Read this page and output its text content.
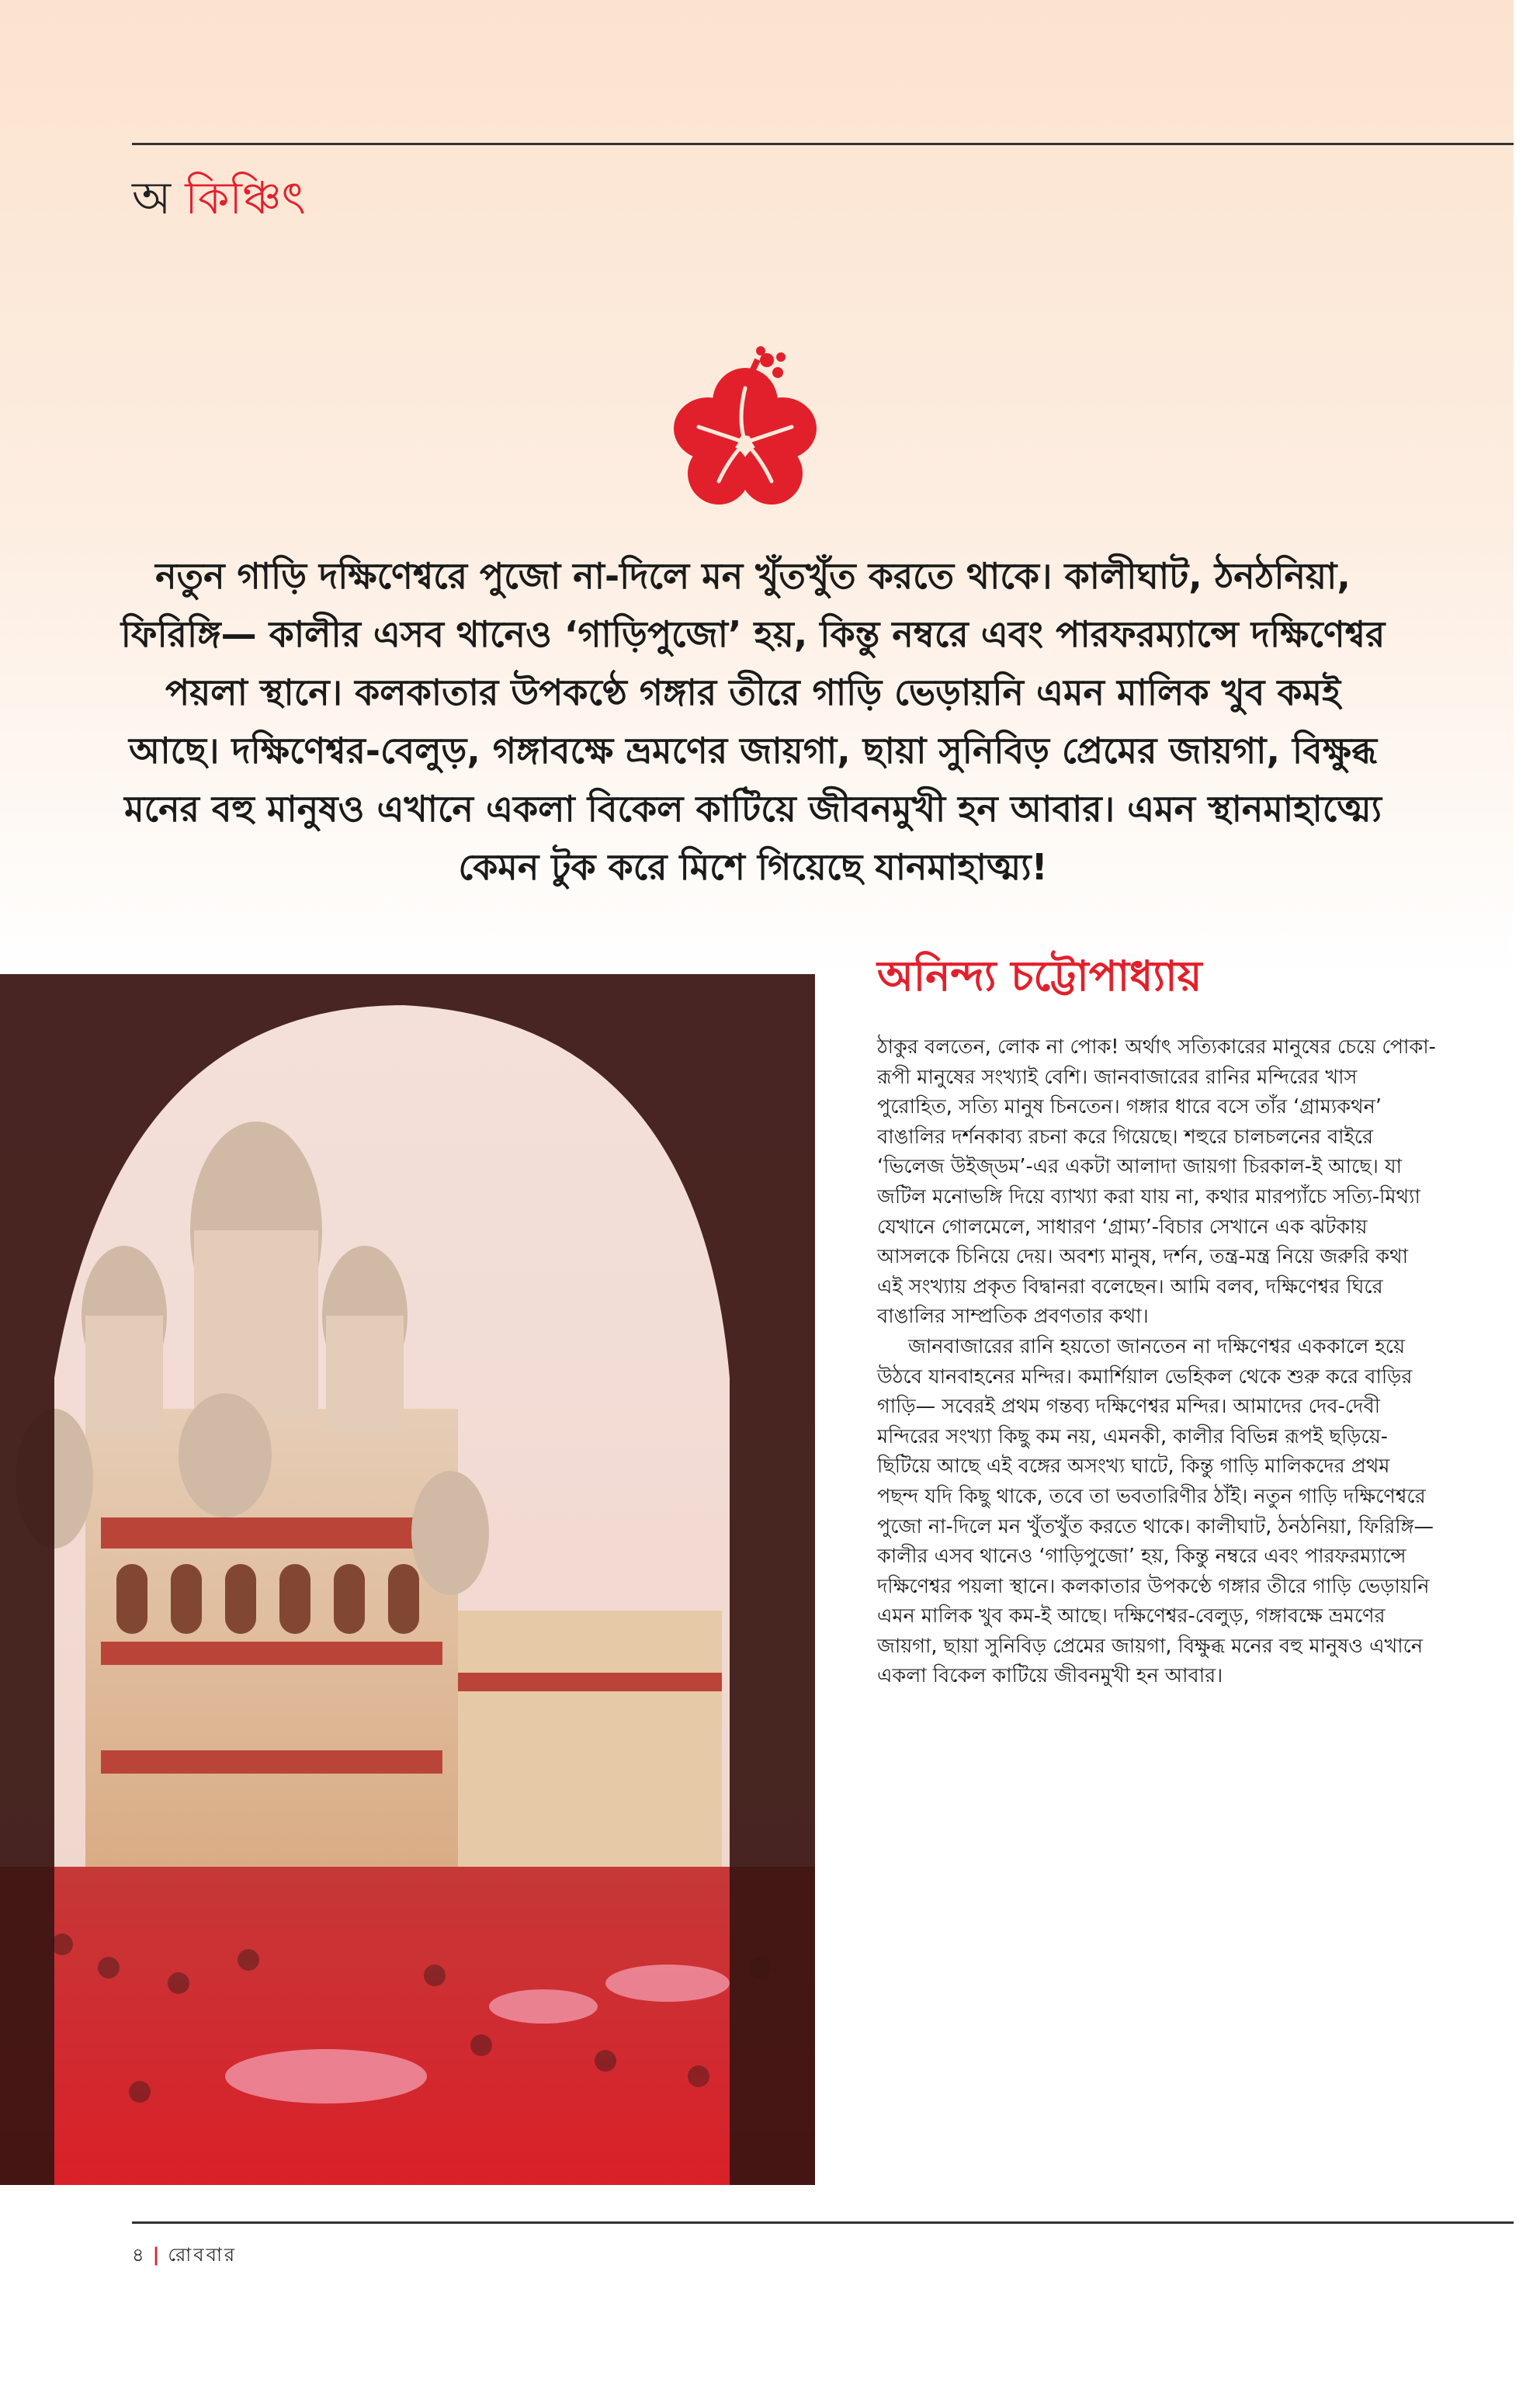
অ কিঞ্চিৎ
নতুন গাড়ি দক্ষিণেশ্বরে পুজো না-দিলে মন খুঁতখুঁত করতে থাকে। কালীঘাট, ঠনঠনিয়া, ফিরিঙ্গি— কালীর এসব থানেও ‘গাড়িপুজো’ হয়, কিন্তু নম্বরে এবং পারফরম্যান্সে দক্ষিণেশ্বর পয়লা স্থানে। কলকাতার উপকণ্ঠে গঙ্গার তীরে গাড়ি ভেড়ায়নি এমন মালিক খুব কমই আছে। দক্ষিণেশ্বর-বেলুড়, গঙ্গাবক্ষে ভ্রমণের জায়গা, ছায়া সুনিবিড় প্রেমের জায়গা, বিক্ষুব্ধ মনের বহু মানুষও এখানে একলা বিকেল কাটিয়ে জীবনমুখী হন আবার। এমন স্থানমাহাত্ম্যে কেমন টুক করে মিশে গিয়েছে যানমাহাত্ম্য!
অনিন্দ্য চট্টোপাধ্যায়

ঠাকুর বলতেন, লোক না পোক! অর্থাৎ সত্যিকারের মানুষের চেয়ে পোকা-রূপী মানুষের সংখ্যাই বেশি। জানবাজারের রানির মন্দিরের খাস পুরোহিত, সত্যি মানুষ চিনতেন। গঙ্গার ধারে বসে তাঁর ‘গ্রাম্যকথন’ বাঙালির দর্শনকাব্য রচনা করে গিয়েছে। শহুরে চালচলনের বাইরে ‘ভিলেজ উইজ্ডম’-এর একটা আলাদা জায়গা চিরকাল-ই আছে। যা জটিল মনোভঙ্গি দিয়ে ব্যাখ্যা করা যায় না, কথার মারপ্যাঁচে সত্যি-মিথ্যা যেখানে গোলমেলে, সাধারণ ‘গ্রাম্য’-বিচার সেখানে এক ঝটকায় আসলকে চিনিয়ে দেয়। অবশ্য মানুষ, দর্শন, তন্ত্র-মন্ত্র নিয়ে জরুরি কথা এই সংখ্যায় প্রকৃত বিদ্বানরা বলেছেন। আমি বলব, দক্ষিণেশ্বর ঘিরে বাঙালির সাম্প্রতিক প্রবণতার কথা।

জানবাজারের রানি হয়তো জানতেন না দক্ষিণেশ্বর এককালে হয়ে উঠবে যানবাহনের মন্দির। কমার্শিয়াল ভেহিকল থেকে শুরু করে বাড়ির গাড়ি— সবেরই প্রথম গন্তব্য দক্ষিণেশ্বর মন্দির। আমাদের দেব-দেবী মন্দিরের সংখ্যা কিছু কম নয়, এমনকী, কালীর বিভিন্ন রূপই ছড়িয়ে-ছিটিয়ে আছে এই বঙ্গের অসংখ্য ঘাটে, কিন্তু গাড়ি মালিকদের প্রথম পছন্দ যদি কিছু থাকে, তবে তা ভবতারিণীর ঠাঁই। নতুন গাড়ি দক্ষিণেশ্বরে পুজো না-দিলে মন খুঁতখুঁত করতে থাকে। কালীঘাট, ঠনঠনিয়া, ফিরিঙ্গি— কালীর এসব থানেও ‘গাড়িপুজো’ হয়, কিন্তু নম্বরে এবং পারফরম্যান্সে দক্ষিণেশ্বর পয়লা স্থানে। কলকাতার উপকণ্ঠে গঙ্গার তীরে গাড়ি ভেড়ায়নি এমন মালিক খুব কম-ই আছে। দক্ষিণেশ্বর-বেলুড়, গঙ্গাবক্ষে ভ্রমণের জায়গা, ছায়া সুনিবিড় প্রেমের জায়গা, বিক্ষুব্ধ মনের বহু মানুষও এখানে একলা বিকেল কাটিয়ে জীবনমুখী হন আবার।

৪ | রোববার
